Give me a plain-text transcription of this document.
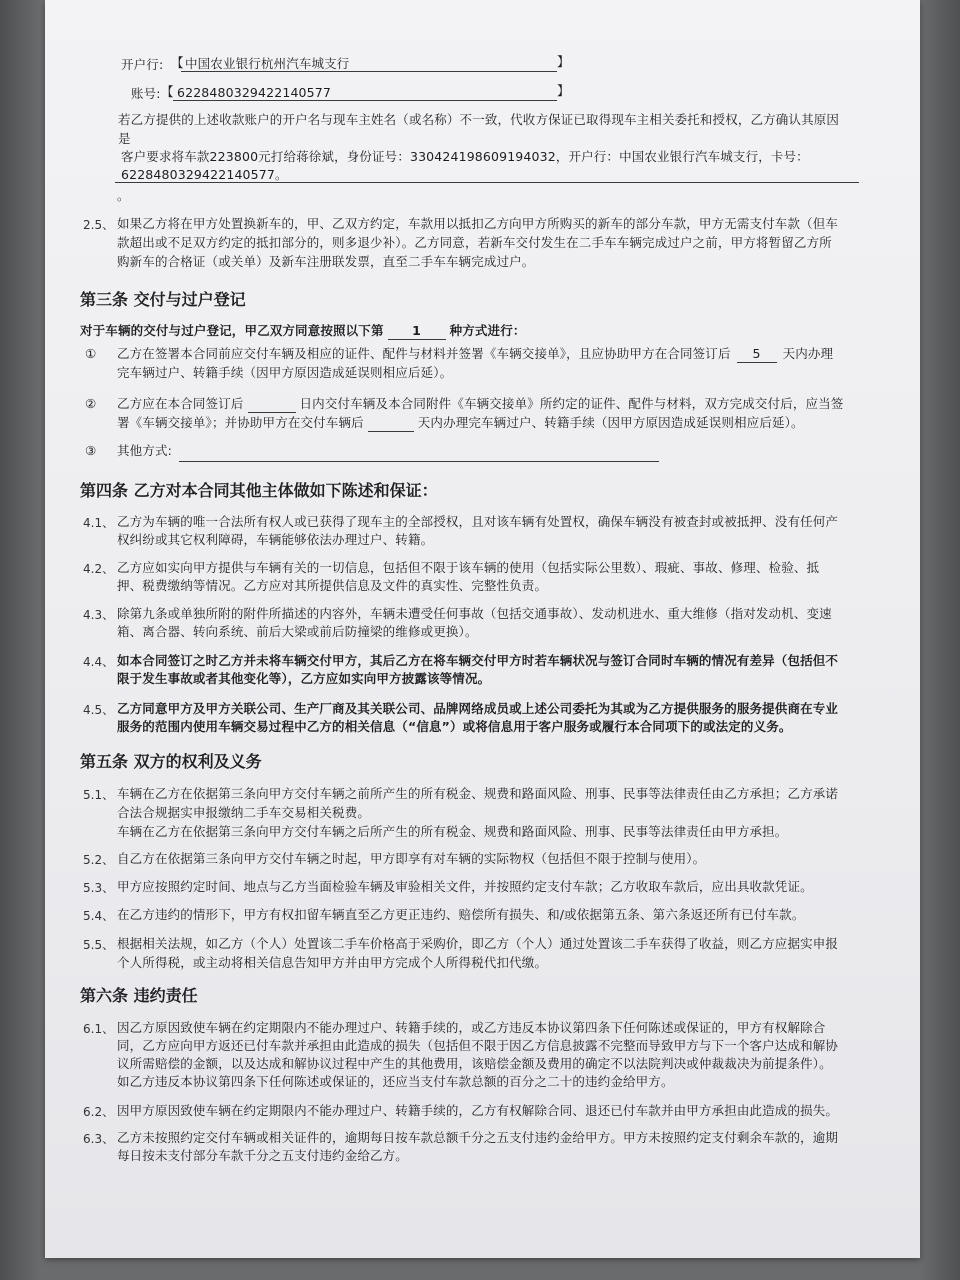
开户行: 【 中国农业银行杭州汽车城支行	】
账号: 【 6228480329422140577	】
若乙方提供的上述收款账户的开户名与现车主姓名（或名称）不一致，代收方保证已取得现车主相关委托和授权，乙方确认其原因
是
客户要求将车款223800元打给蒋徐斌，身份证号：330424198609194032，开户行：中国农业银行汽车城支行，卡号：
6228480329422140577。
。
2.5、 如果乙方将在甲方处置换新车的，甲、乙双方约定，车款用以抵扣乙方向甲方所购买的新车的部分车款，甲方无需支付车款（但车
款超出或不足双方约定的抵扣部分的，则多退少补）。乙方同意，若新车交付发生在二手车车辆完成过户之前，甲方将暂留乙方所
购新车的合格证（或关单）及新车注册联发票，直至二手车车辆完成过户。
第三条 交付与过户登记
对于车辆的交付与过户登记，甲乙双方同意按照以下第 1 种方式进行：
① 乙方在签署本合同前应交付车辆及相应的证件、配件与材料并签署《车辆交接单》，且应协助甲方在合同签订后 5 天内办理
完车辆过户、转籍手续（因甲方原因造成延误则相应后延）。
② 乙方应在本合同签订后	日内交付车辆及本合同附件《车辆交接单》所约定的证件、配件与材料，双方完成交付后，应当签
署《车辆交接单》；并协助甲方在交付车辆后	天内办理完车辆过户、转籍手续（因甲方原因造成延误则相应后延）。
③ 其他方式:
第四条 乙方对本合同其他主体做如下陈述和保证：
4.1、 乙方为车辆的唯一合法所有权人或已获得了现车主的全部授权，且对该车辆有处置权，确保车辆没有被查封或被抵押、没有任何产
权纠纷或其它权利障碍，车辆能够依法办理过户、转籍。
4.2、 乙方应如实向甲方提供与车辆有关的一切信息，包括但不限于该车辆的使用（包括实际公里数）、瑕疵、事故、修理、检验、抵
押、税费缴纳等情况。乙方应对其所提供信息及文件的真实性、完整性负责。
4.3、 除第九条或单独所附的附件所描述的内容外，车辆未遭受任何事故（包括交通事故）、发动机进水、重大维修（指对发动机、变速
箱、离合器、转向系统、前后大梁或前后防撞梁的维修或更换）。
4.4、 如本合同签订之时乙方并未将车辆交付甲方，其后乙方在将车辆交付甲方时若车辆状况与签订合同时车辆的情况有差异（包括但不
限于发生事故或者其他变化等），乙方应如实向甲方披露该等情况。
4.5、 乙方同意甲方及甲方关联公司、生产厂商及其关联公司、品牌网络成员或上述公司委托为其或为乙方提供服务的服务提供商在专业
服务的范围内使用车辆交易过程中乙方的相关信息（“信息”）或将信息用于客户服务或履行本合同项下的或法定的义务。
第五条 双方的权利及义务
5.1、 车辆在乙方在依据第三条向甲方交付车辆之前所产生的所有税金、规费和路面风险、刑事、民事等法律责任由乙方承担；乙方承诺
合法合规据实申报缴纳二手车交易相关税费。
车辆在乙方在依据第三条向甲方交付车辆之后所产生的所有税金、规费和路面风险、刑事、民事等法律责任由甲方承担。
5.2、 自乙方在依据第三条向甲方交付车辆之时起，甲方即享有对车辆的实际物权（包括但不限于控制与使用）。
5.3、 甲方应按照约定时间、地点与乙方当面检验车辆及审验相关文件，并按照约定支付车款；乙方收取车款后，应出具收款凭证。
5.4、 在乙方违约的情形下，甲方有权扣留车辆直至乙方更正违约、赔偿所有损失、和/或依据第五条、第六条返还所有已付车款。
5.5、 根据相关法规，如乙方（个人）处置该二手车价格高于采购价，即乙方（个人）通过处置该二手车获得了收益，则乙方应据实申报
个人所得税，或主动将相关信息告知甲方并由甲方完成个人所得税代扣代缴。
第六条 违约责任
6.1、 因乙方原因致使车辆在约定期限内不能办理过户、转籍手续的，或乙方违反本协议第四条下任何陈述或保证的，甲方有权解除合
同，乙方应向甲方返还已付车款并承担由此造成的损失（包括但不限于因乙方信息披露不完整而导致甲方与下一个客户达成和解协
议所需赔偿的金额，以及达成和解协议过程中产生的其他费用，该赔偿金额及费用的确定不以法院判决或仲裁裁决为前提条件）。
如乙方违反本协议第四条下任何陈述或保证的，还应当支付车款总额的百分之二十的违约金给甲方。
6.2、 因甲方原因致使车辆在约定期限内不能办理过户、转籍手续的，乙方有权解除合同、退还已付车款并由甲方承担由此造成的损失。
6.3、 乙方未按照约定交付车辆或相关证件的，逾期每日按车款总额千分之五支付违约金给甲方。甲方未按照约定支付剩余车款的，逾期
每日按未支付部分车款千分之五支付违约金给乙方。
